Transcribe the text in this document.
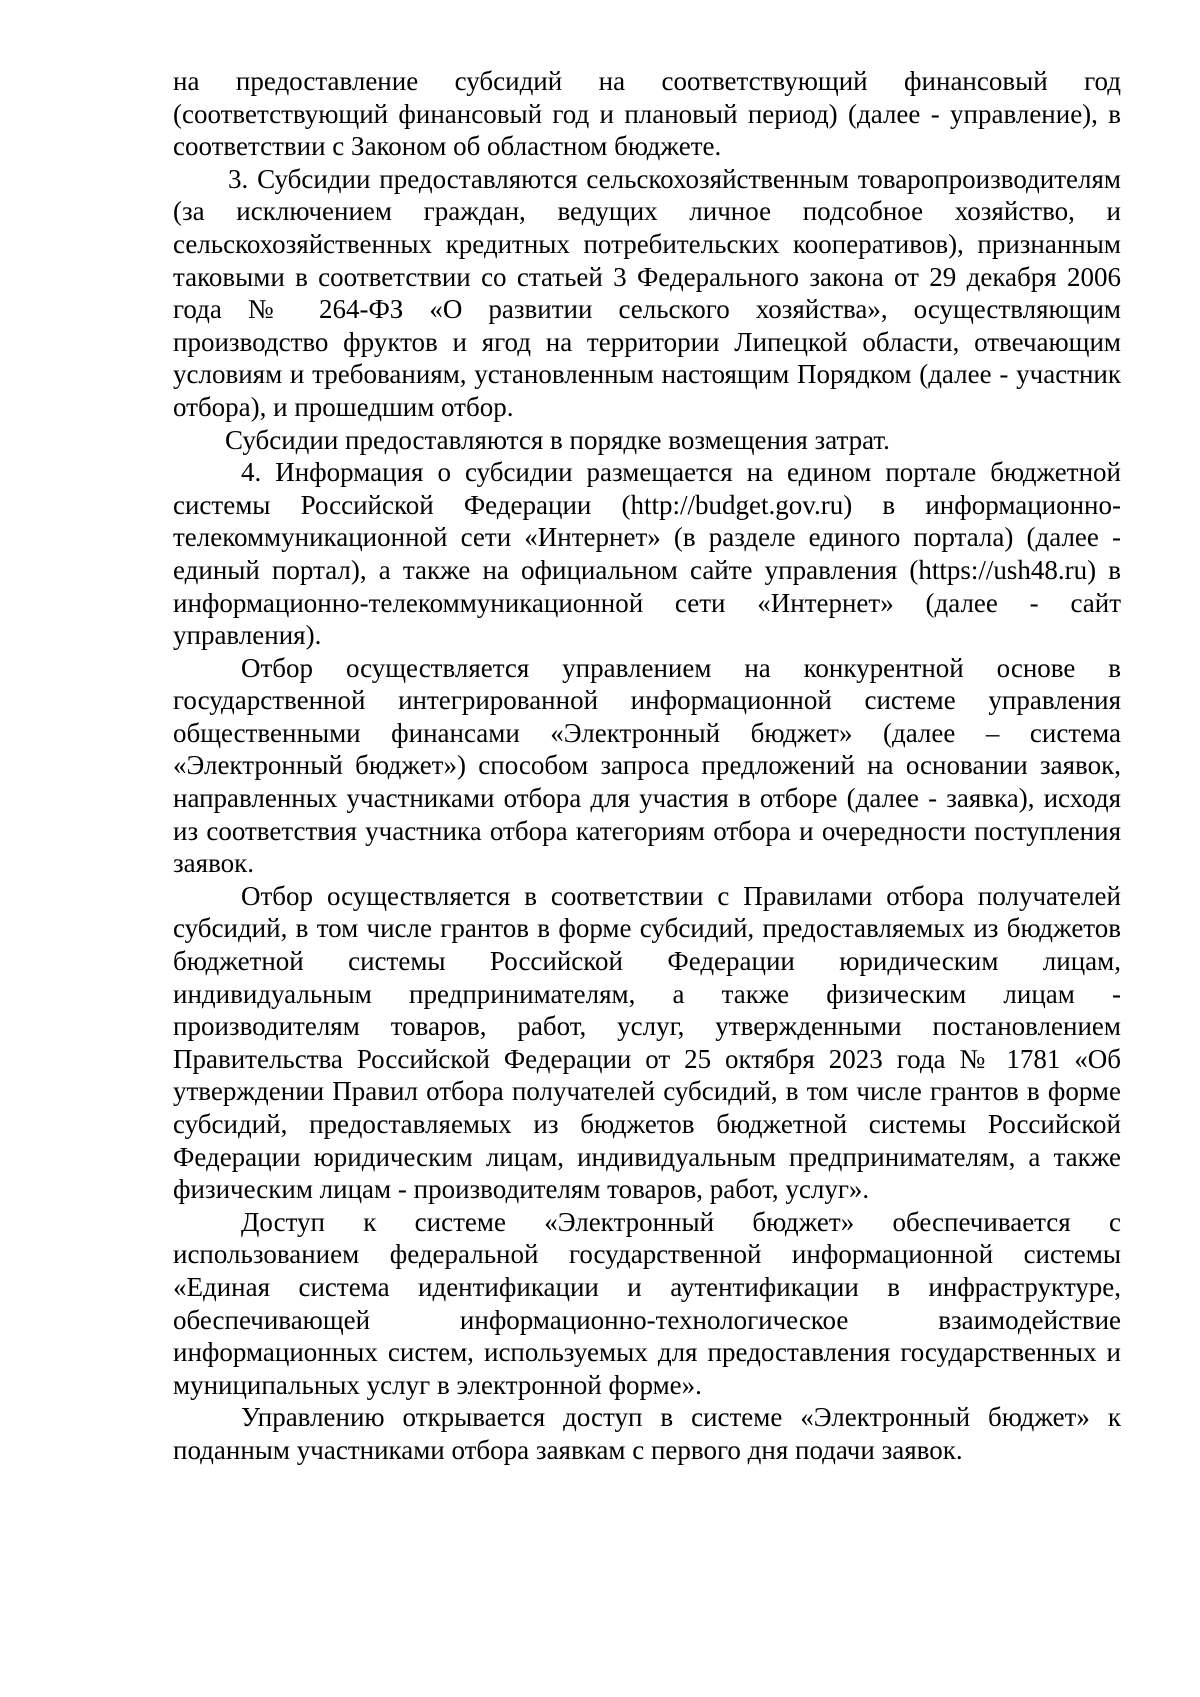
на предоставление субсидий на соответствующий финансовый год (соответствующий финансовый год и плановый период) (далее - управление), в соответствии с Законом об областном бюджете.

3. Субсидии предоставляются сельскохозяйственным товаропроизводителям (за исключением граждан, ведущих личное подсобное хозяйство, и сельскохозяйственных кредитных потребительских кооперативов), признанным таковыми в соответствии со статьей 3 Федерального закона от 29 декабря 2006 года № 264-ФЗ «О развитии сельского хозяйства», осуществляющим производство фруктов и ягод на территории Липецкой области, отвечающим условиям и требованиям, установленным настоящим Порядком (далее - участник отбора), и прошедшим отбор.

Субсидии предоставляются в порядке возмещения затрат.

4. Информация о субсидии размещается на едином портале бюджетной системы Российской Федерации (http://budget.gov.ru) в информационно-телекоммуникационной сети «Интернет» (в разделе единого портала) (далее - единый портал), а также на официальном сайте управления (https://ush48.ru) в информационно-телекоммуникационной сети «Интернет» (далее - сайт управления).

Отбор осуществляется управлением на конкурентной основе в государственной интегрированной информационной системе управления общественными финансами «Электронный бюджет» (далее – система «Электронный бюджет») способом запроса предложений на основании заявок, направленных участниками отбора для участия в отборе (далее - заявка), исходя из соответствия участника отбора категориям отбора и очередности поступления заявок.

Отбор осуществляется в соответствии с Правилами отбора получателей субсидий, в том числе грантов в форме субсидий, предоставляемых из бюджетов бюджетной системы Российской Федерации юридическим лицам, индивидуальным предпринимателям, а также физическим лицам - производителям товаров, работ, услуг, утвержденными постановлением Правительства Российской Федерации от 25 октября 2023 года № 1781 «Об утверждении Правил отбора получателей субсидий, в том числе грантов в форме субсидий, предоставляемых из бюджетов бюджетной системы Российской Федерации юридическим лицам, индивидуальным предпринимателям, а также физическим лицам - производителям товаров, работ, услуг».

Доступ к системе «Электронный бюджет» обеспечивается с использованием федеральной государственной информационной системы «Единая система идентификации и аутентификации в инфраструктуре, обеспечивающей информационно-технологическое взаимодействие информационных систем, используемых для предоставления государственных и муниципальных услуг в электронной форме».

Управлению открывается доступ в системе «Электронный бюджет» к поданным участниками отбора заявкам с первого дня подачи заявок.
